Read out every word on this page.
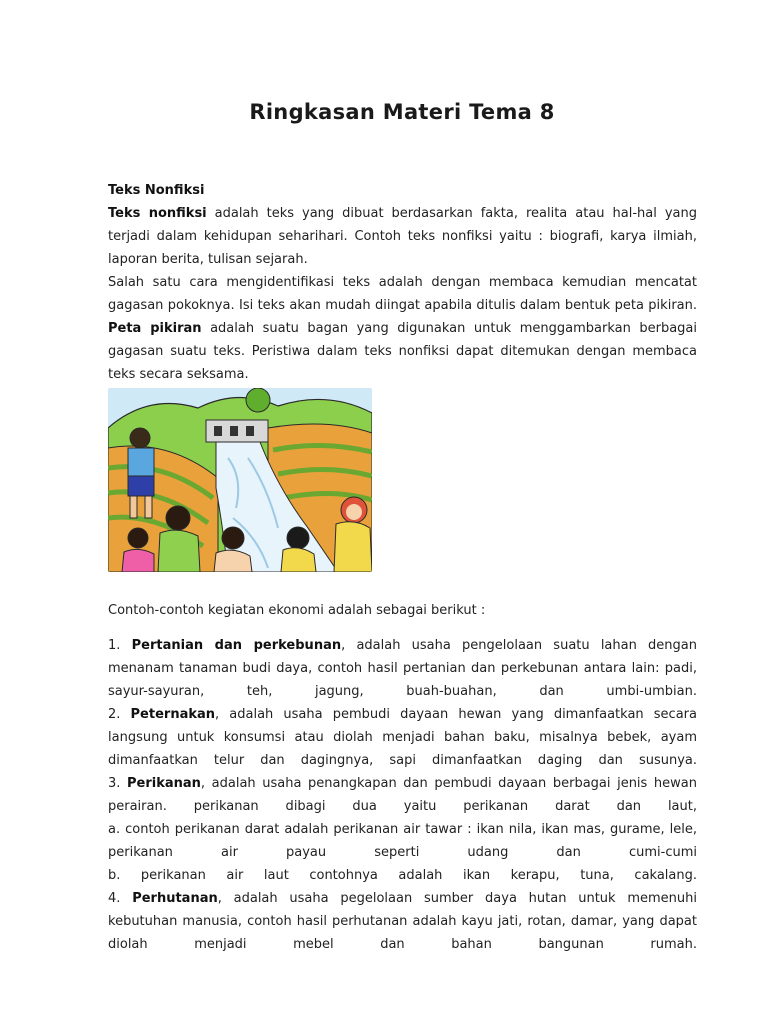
Ringkasan Materi Tema 8

Teks Nonfiksi

Teks nonfiksi adalah teks yang dibuat berdasarkan fakta, realita atau hal-hal yang terjadi dalam kehidupan seharihari. Contoh teks nonfiksi yaitu : biografi, karya ilmiah, laporan berita, tulisan sejarah.

Salah satu cara mengidentifikasi teks adalah dengan membaca kemudian mencatat gagasan pokoknya. Isi teks akan mudah diingat apabila ditulis dalam bentuk peta pikiran. Peta pikiran adalah suatu bagan yang digunakan untuk menggambarkan berbagai gagasan suatu teks. Peristiwa dalam teks nonfiksi dapat ditemukan dengan membaca teks secara seksama.

Contoh-contoh kegiatan ekonomi adalah sebagai berikut :

1. Pertanian dan perkebunan, adalah usaha pengelolaan suatu lahan dengan menanam tanaman budi daya, contoh hasil pertanian dan perkebunan antara lain: padi, sayur-sayuran, teh, jagung, buah-buahan, dan umbi-umbian.

2. Peternakan, adalah usaha pembudi dayaan hewan yang dimanfaatkan secara langsung untuk konsumsi atau diolah menjadi bahan baku, misalnya bebek, ayam dimanfaatkan telur dan dagingnya, sapi dimanfaatkan daging dan susunya.

3. Perikanan, adalah usaha penangkapan dan pembudi dayaan berbagai jenis hewan perairan. perikanan dibagi dua yaitu perikanan darat dan laut,

a. contoh perikanan darat adalah perikanan air tawar : ikan nila, ikan mas, gurame, lele, perikanan air payau seperti udang dan cumi-cumi

b. perikanan air laut contohnya adalah ikan kerapu, tuna, cakalang.

4. Perhutanan, adalah usaha pegelolaan sumber daya hutan untuk memenuhi kebutuhan manusia, contoh hasil perhutanan adalah kayu jati, rotan, damar, yang dapat diolah menjadi mebel dan bahan bangunan rumah.
